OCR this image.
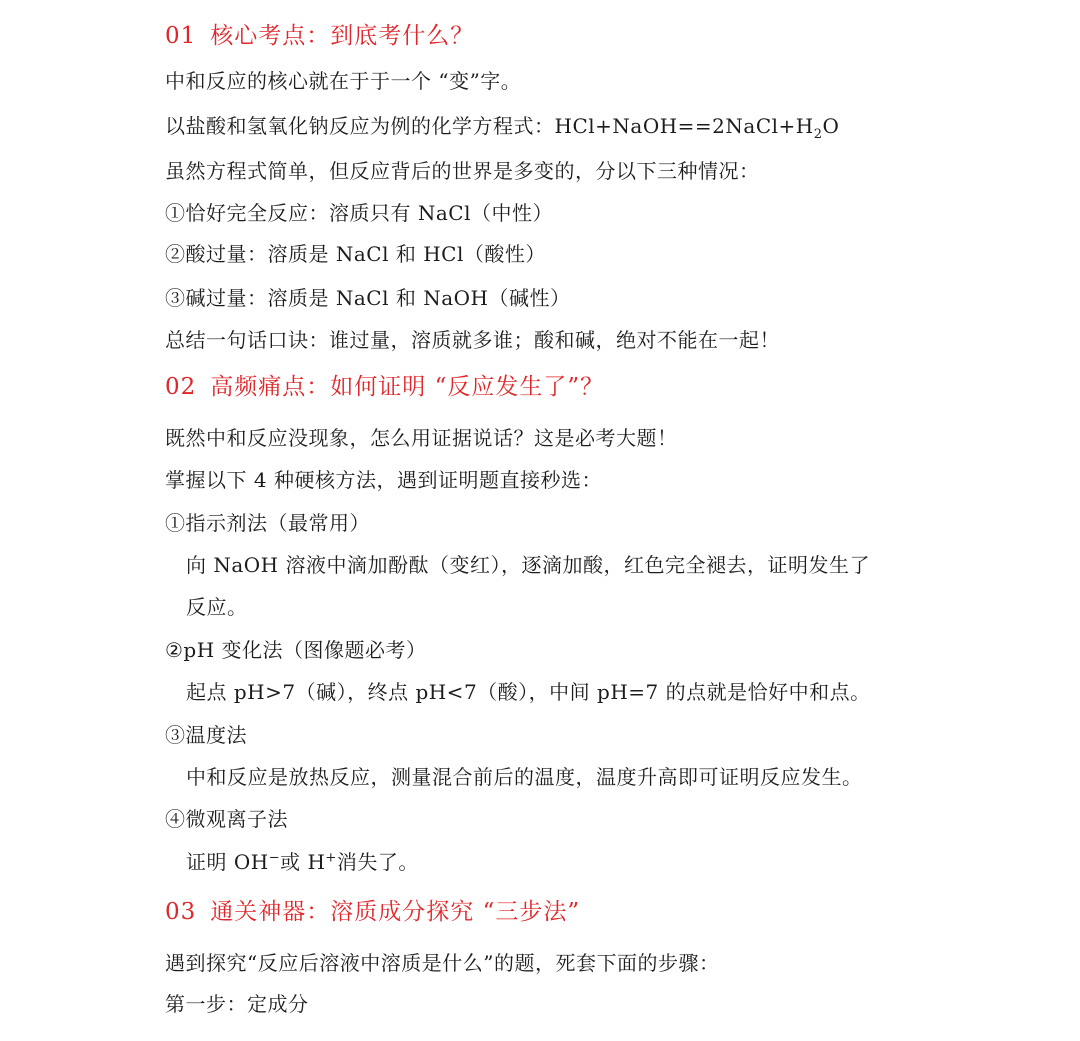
01 核心考点：到底考什么？
中和反应的核心就在于于一个 “变”字。
以盐酸和氢氧化钠反应为例的化学方程式：$HCl+NaOH==2NaCl+H_2O$
虽然方程式简单，但反应背后的世界是多变的，分以下三种情况：
①恰好完全反应：溶质只有 NaCl（中性）
②酸过量：溶质是 NaCl 和 HCl（酸性）
③碱过量：溶质是 NaCl 和 NaOH（碱性）
总结一句话口诀：谁过量，溶质就多谁；酸和碱，绝对不能在一起！
02 高频痛点：如何证明 “反应发生了”？
既然中和反应没现象，怎么用证据说话？这是必考大题！
掌握以下 4 种硬核方法，遇到证明题直接秒选：
①指示剂法（最常用）
向 NaOH 溶液中滴加酚酞（变红），逐滴加酸，红色完全褪去，证明发生了
反应。
②pH 变化法（图像题必考）
起点 pH>7（碱），终点 pH<7（酸），中间 pH=7 的点就是恰好中和点。
③温度法
中和反应是放热反应，测量混合前后的温度，温度升高即可证明反应发生。
④微观离子法
证明 OH−或 H+消失了。
03 通关神器：溶质成分探究 “三步法”
遇到探究“反应后溶液中溶质是什么”的题，死套下面的步骤：
第一步：定成分
